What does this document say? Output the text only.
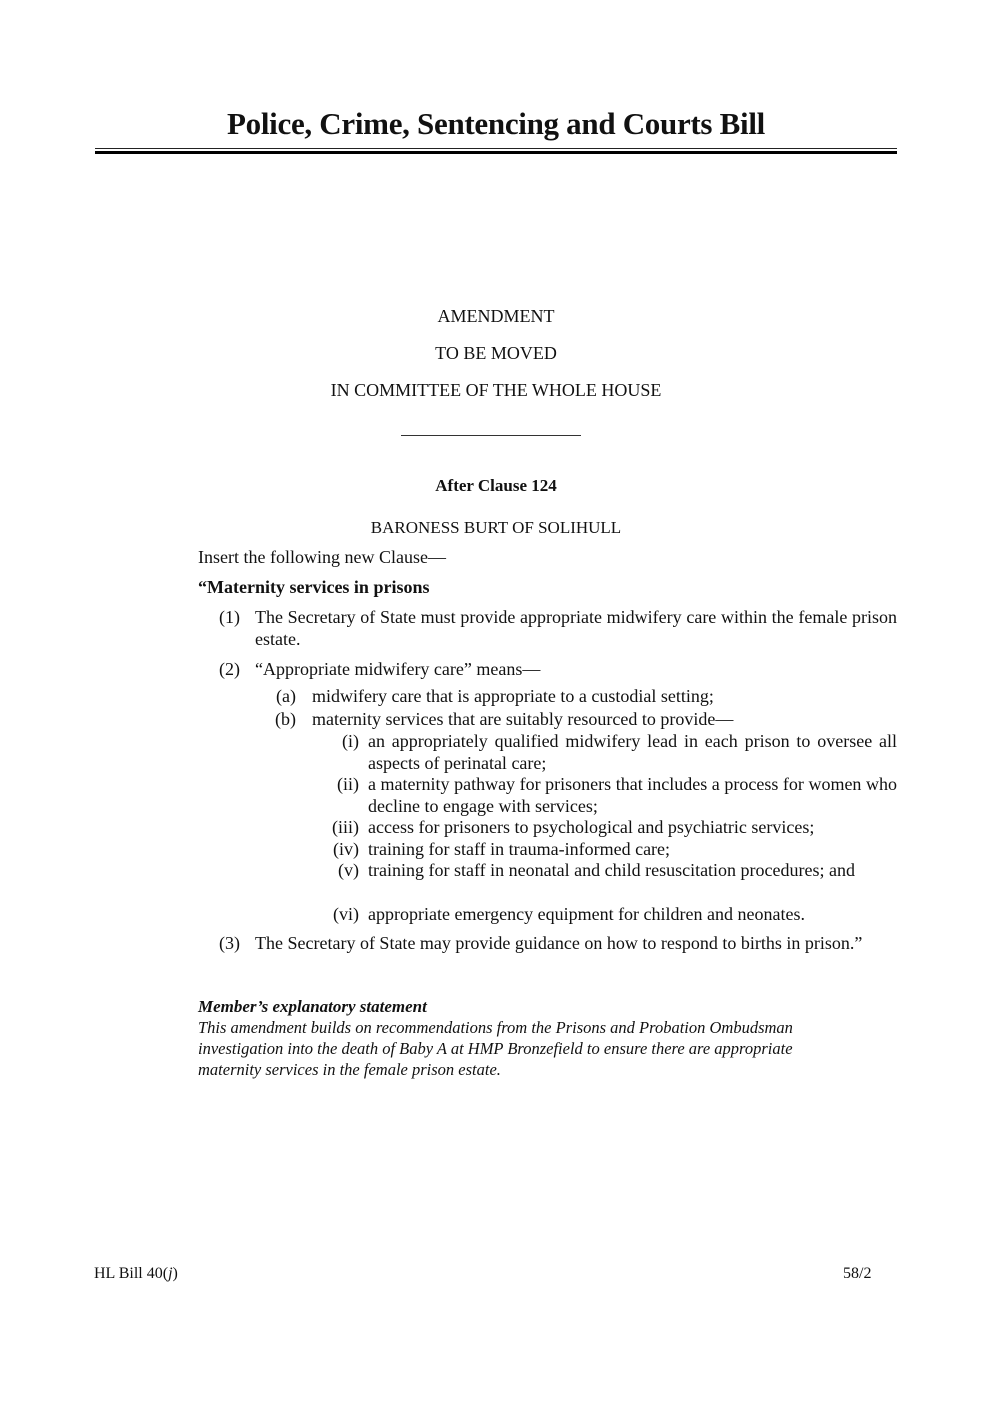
Police, Crime, Sentencing and Courts Bill
AMENDMENT
TO BE MOVED
IN COMMITTEE OF THE WHOLE HOUSE
After Clause 124
BARONESS BURT OF SOLIHULL
Insert the following new Clause—
“Maternity services in prisons
(1) The Secretary of State must provide appropriate midwifery care within the female prison estate.
(2) “Appropriate midwifery care” means—
(a) midwifery care that is appropriate to a custodial setting;
(b) maternity services that are suitably resourced to provide—
(i) an appropriately qualified midwifery lead in each prison to oversee all aspects of perinatal care;
(ii) a maternity pathway for prisoners that includes a process for women who decline to engage with services;
(iii) access for prisoners to psychological and psychiatric services;
(iv) training for staff in trauma-informed care;
(v) training for staff in neonatal and child resuscitation procedures; and
(vi) appropriate emergency equipment for children and neonates.
(3) The Secretary of State may provide guidance on how to respond to births in prison.”
Member’s explanatory statement
This amendment builds on recommendations from the Prisons and Probation Ombudsman
investigation into the death of Baby A at HMP Bronzefield to ensure there are appropriate
maternity services in the female prison estate.
HL Bill 40(j)	58/2
